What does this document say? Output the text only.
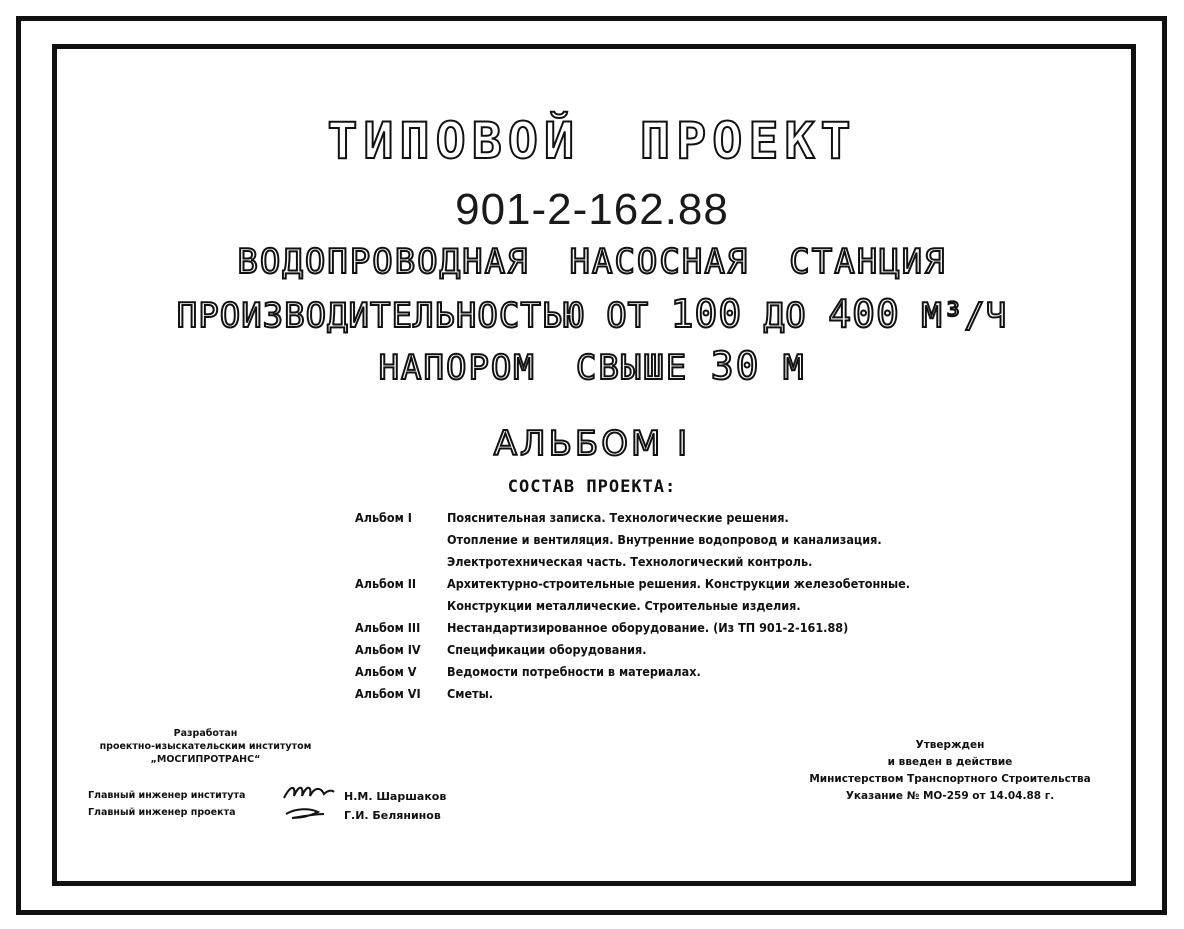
ТИПОВОЙ ПРОЕКТ
901-2-162.88
ВОДОПРОВОДНАЯ НАСОСНАЯ СТАНЦИЯ
ПРОИЗВОДИТЕЛЬНОСТЬЮ ОТ 100 ДО 400 М³/Ч
НАПОРОМ СВЫШЕ 30 М
АЛЬБОМ I
СОСТАВ ПРОЕКТА:
Альбом I	Пояснительная записка. Технологические решения.
Отопление и вентиляция. Внутренние водопровод и канализация.
Электротехническая часть. Технологический контроль.
Альбом II	Архитектурно-строительные решения. Конструкции железобетонные.
Конструкции металлические. Строительные изделия.
Альбом III	Нестандартизированное оборудование. (Из ТП 901-2-161.88)
Альбом IV	Спецификации оборудования.
Альбом V	Ведомости потребности в материалах.
Альбом VI	Сметы.
Разработан
проектно-изыскательским институтом
„МОСГИПРОТРАНС“
Главный инженер института
Главный инженер проекта
Н.М. Шаршаков
Г.И. Белянинов
Утвержден
и введен в действие
Министерством Транспортного Строительства
Указание № МО-259 от 14.04.88 г.
